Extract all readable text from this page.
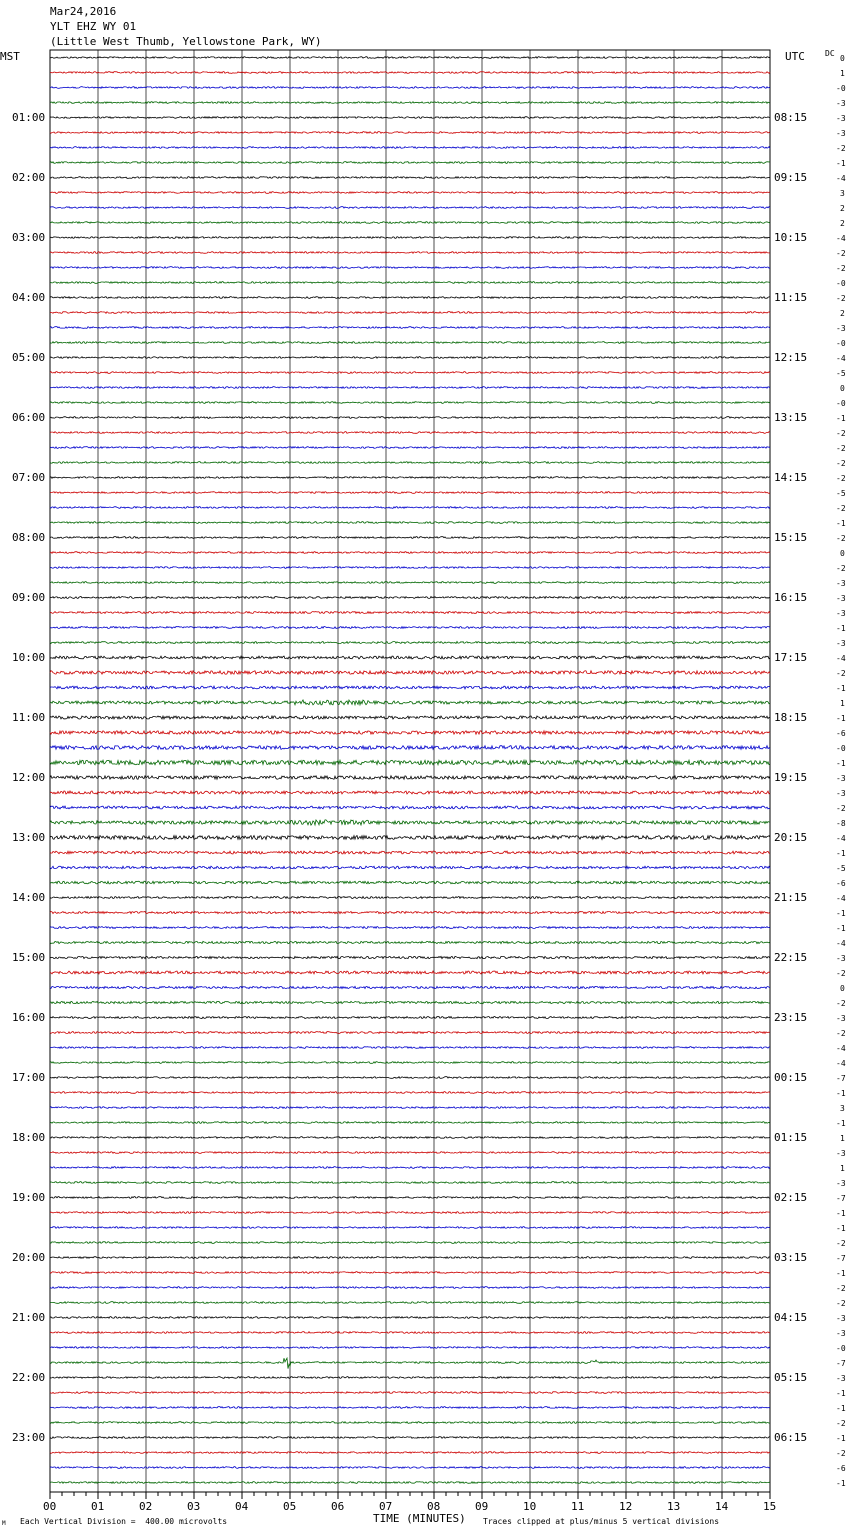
Mar24,2016
YLT EHZ WY 01
(Little West Thumb, Yellowstone Park, WY)
MST	UTC	DC
01:00
02:00
03:00
04:00
05:00
06:00
07:00
08:00
09:00
10:00
11:00
12:00
13:00
14:00
15:00
16:00
17:00
18:00
19:00
20:00
21:00
22:00
23:00
08:15
09:15
10:15
11:15
12:15
13:15
14:15
15:15
16:15
17:15
18:15
19:15
20:15
21:15
22:15
23:15
00:15
01:15
02:15
03:15
04:15
05:15
06:15
0
1
-0
-3
-3
-3
-2
-1
-4
3
2
2
-4
-2
-2
-0
-2
2
-3
-0
-4
-5
0
-0
-1
-2
-2
-2
-2
-5
-2
-1
-2
0
-2
-3
-3
-3
-1
-3
-4
-2
-1
1
-1
-6
-0
-1
-3
-3
-2
-8
-4
-1
-5
-6
-4
-1
-1
-4
-3
-2
0
-2
-3
-2
-4
-4
-7
-1
3
-1
1
-3
1
-3
-7
-1
-1
-2
-7
-1
-2
-2
-3
-3
-0
-7
-3
-1
-1
-2
-1
-2
-6
-1
00	01	02	03	04	05	06	07	08	09	10	11	12	13	14	15
TIME (MINUTES)
Each Vertical Division =  400.00 microvolts	Traces clipped at plus/minus 5 vertical divisions
M
